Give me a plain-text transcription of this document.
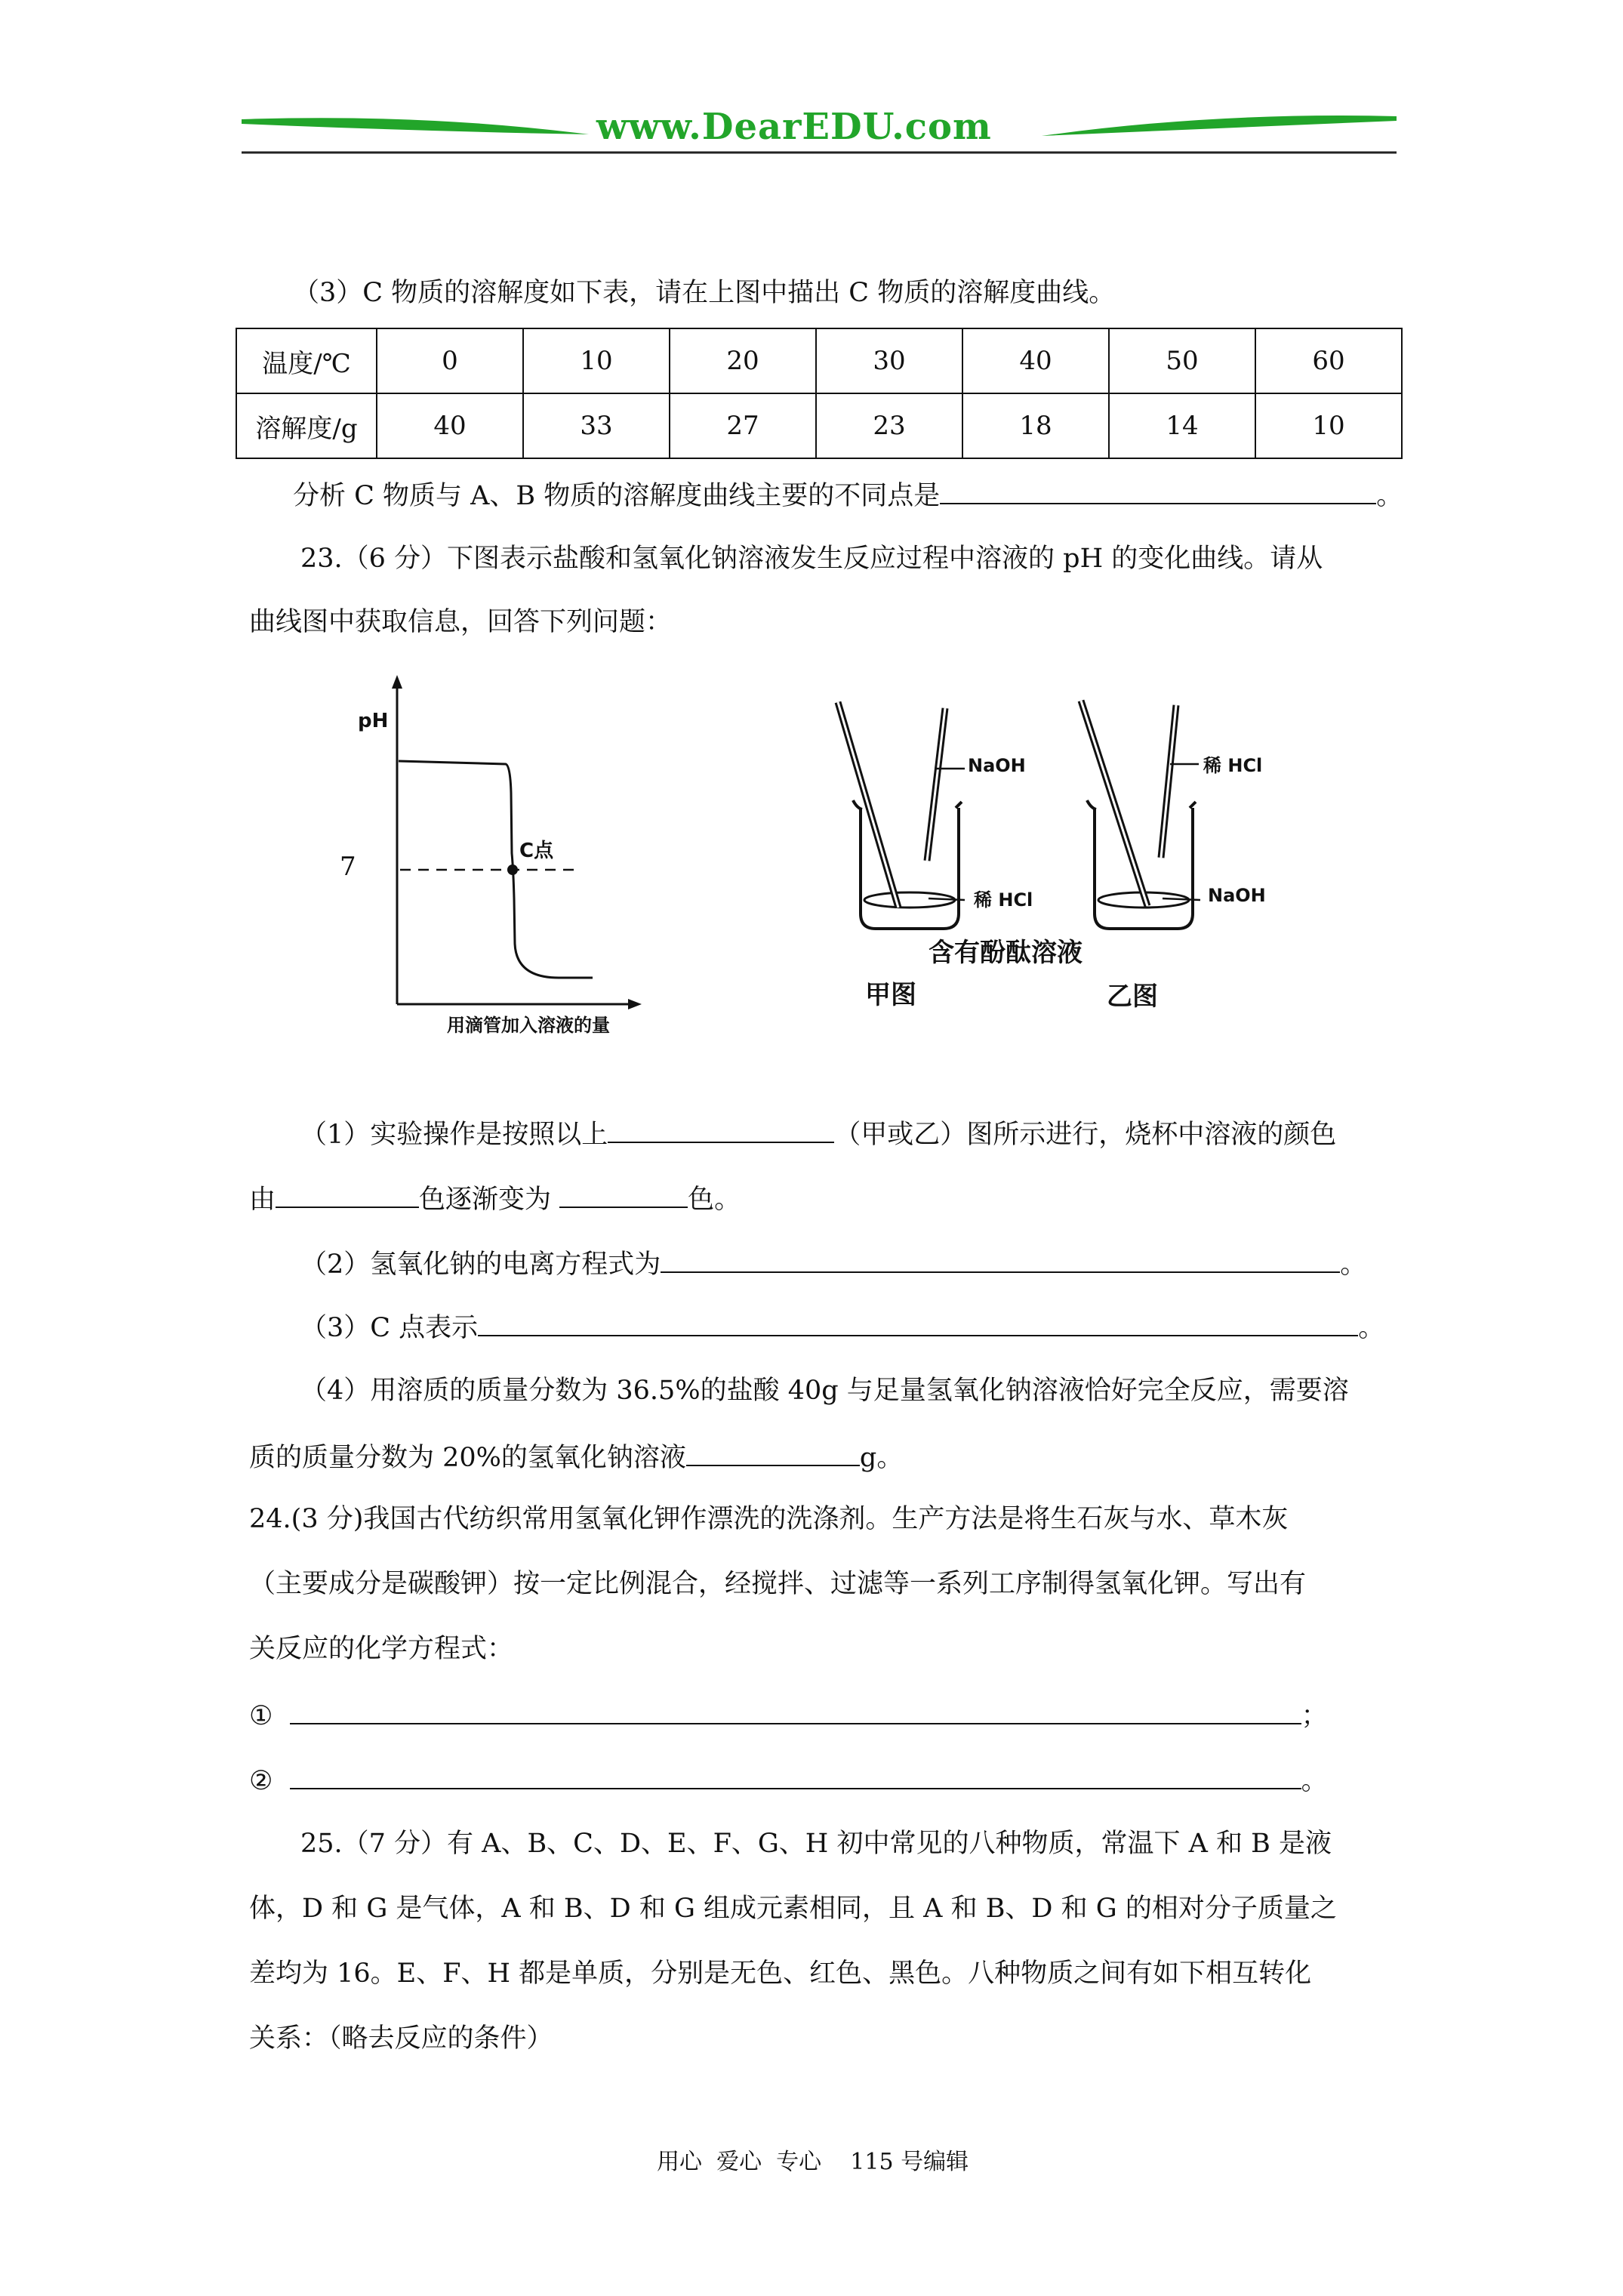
www.DearEDU.com
（3）C 物质的溶解度如下表，请在上图中描出 C 物质的溶解度曲线。
温度/℃	0	10	20	30	40	50	60
溶解度/g	40	33	27	23	18	14	10
分析 C 物质与 A、B 物质的溶解度曲线主要的不同点是	。
23.（6 分）下图表示盐酸和氢氧化钠溶液发生反应过程中溶液的 pH 的变化曲线。请从
曲线图中获取信息，回答下列问题：
pH
7
C点
用滴管加入溶液的量
NaOH
稀 HCl
稀 HCl
NaOH
含有酚酞溶液
甲图	乙图
（1）实验操作是按照以上	（甲或乙）图所示进行，烧杯中溶液的颜色
由	色逐渐变为	色。
（2）氢氧化钠的电离方程式为	。
（3）C 点表示	。
（4）用溶质的质量分数为 36.5%的盐酸 40g 与足量氢氧化钠溶液恰好完全反应，需要溶
质的质量分数为 20%的氢氧化钠溶液	g。
24.(3 分)我国古代纺织常用氢氧化钾作漂洗的洗涤剂。生产方法是将生石灰与水、草木灰
（主要成分是碳酸钾）按一定比例混合，经搅拌、过滤等一系列工序制得氢氧化钾。写出有
关反应的化学方程式：
①	；
②	。
25.（7 分）有 A、B、C、D、E、F、G、H 初中常见的八种物质，常温下 A 和 B 是液
体，D 和 G 是气体，A 和 B、D 和 G 组成元素相同，且 A 和 B、D 和 G 的相对分子质量之
差均为 16。E、F、H 都是单质，分别是无色、红色、黑色。八种物质之间有如下相互转化
关系：（略去反应的条件）
用心  爱心  专心    115 号编辑
